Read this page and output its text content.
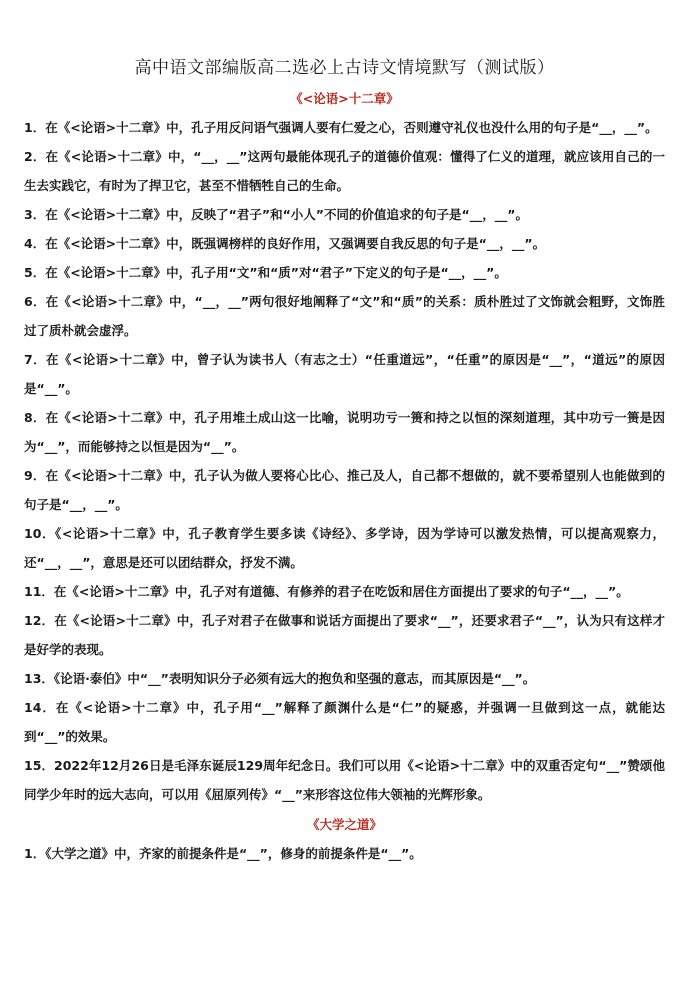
高中语文部编版高二选必上古诗文情境默写（测试版）
《<论语>十二章》

1．在《<论语>十二章》中，孔子用反问语气强调人要有仁爱之心，否则遵守礼仪也没什么用的句子是“__，__”。

2．在《<论语>十二章》中，“__，__”这两句最能体现孔子的道德价值观：懂得了仁义的道理，就应该用自己的一生去实践它，有时为了捍卫它，甚至不惜牺牲自己的生命。

3．在《<论语>十二章》中，反映了“君子”和“小人”不同的价值追求的句子是“__，__”。

4．在《<论语>十二章》中，既强调榜样的良好作用，又强调要自我反思的句子是“__，__”。

5．在《<论语>十二章》中，孔子用“文”和“质”对“君子”下定义的句子是“__，__”。

6．在《<论语>十二章》中，“__，__”两句很好地阐释了“文”和“质”的关系：质朴胜过了文饰就会粗野，文饰胜过了质朴就会虚浮。

7．在《<论语>十二章》中，曾子认为读书人（有志之士）“任重道远”，“任重”的原因是“__”，“道远”的原因是“__”。

8．在《<论语>十二章》中，孔子用堆土成山这一比喻，说明功亏一篑和持之以恒的深刻道理，其中功亏一篑是因为“__”，而能够持之以恒是因为“__”。

9．在《<论语>十二章》中，孔子认为做人要将心比心、推己及人，自己都不想做的，就不要希望别人也能做到的句子是“__，__”。

10．《<论语>十二章》中，孔子教育学生要多读《诗经》、多学诗，因为学诗可以激发热情，可以提高观察力，还“__，__”，意思是还可以团结群众，抒发不满。

11．在《<论语>十二章》中，孔子对有道德、有修养的君子在吃饭和居住方面提出了要求的句子“__，__”。

12．在《<论语>十二章》中，孔子对君子在做事和说话方面提出了要求“__”，还要求君子“__”，认为只有这样才是好学的表现。

13．《论语·泰伯》中“__”表明知识分子必须有远大的抱负和坚强的意志，而其原因是“__”。

14．在《<论语>十二章》中，孔子用“__”解释了颜渊什么是“仁”的疑惑，并强调一旦做到这一点，就能达到“__”的效果。

15．2022年12月26日是毛泽东诞辰129周年纪念日。我们可以用《<论语>十二章》中的双重否定句“__”赞颂他同学少年时的远大志向，可以用《屈原列传》“__”来形容这位伟大领袖的光辉形象。

《大学之道》

1．《大学之道》中，齐家的前提条件是“__”，修身的前提条件是“__”。
